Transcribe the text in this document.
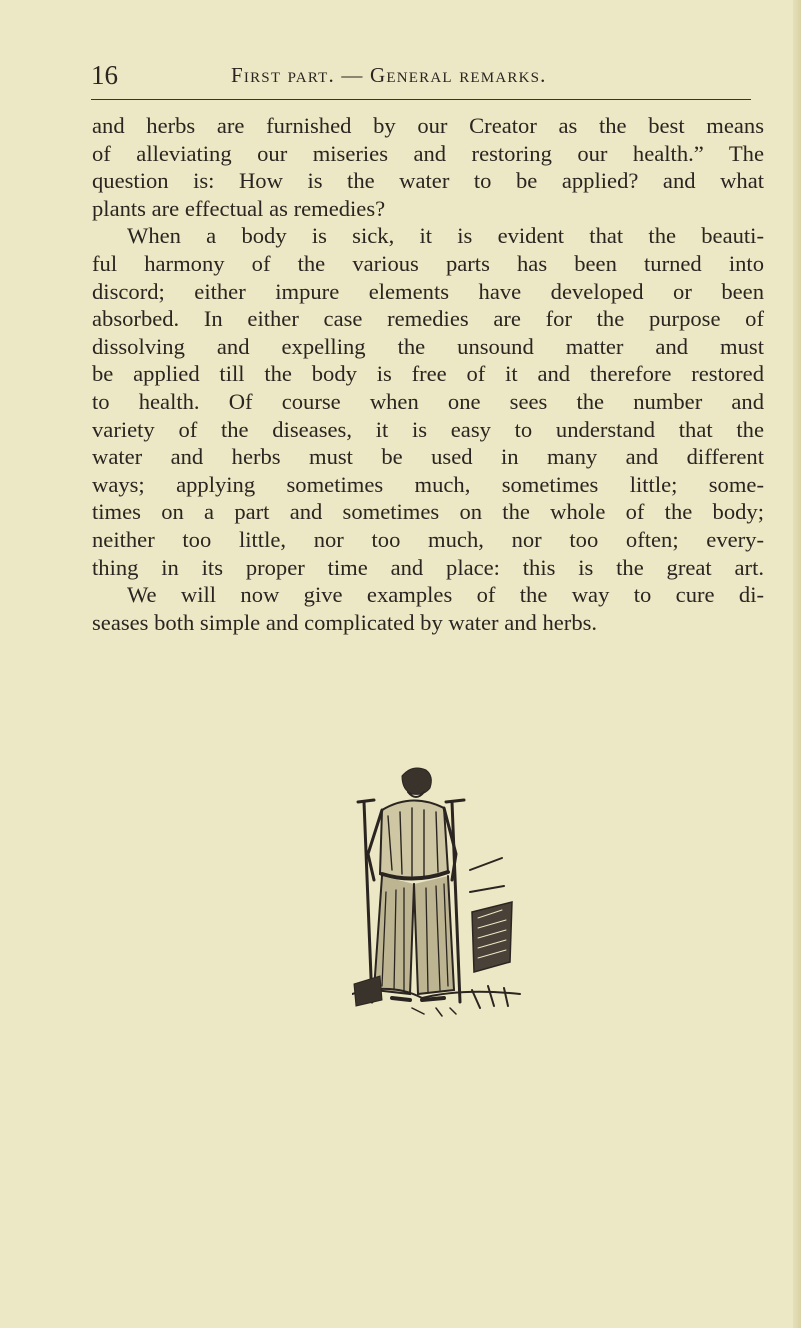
16	First part. — General remarks.
and herbs are furnished by our Creator as the best means
of alleviating our miseries and restoring our health.” The
question is: How is the water to be applied? and what
plants are effectual as remedies?
When a body is sick, it is evident that the beauti-
ful harmony of the various parts has been turned into
discord; either impure elements have developed or been
absorbed. In either case remedies are for the purpose of
dissolving and expelling the unsound matter and must
be applied till the body is free of it and therefore restored
to health. Of course when one sees the number and
variety of the diseases, it is easy to understand that the
water and herbs must be used in many and different
ways; applying sometimes much, sometimes little; some-
times on a part and sometimes on the whole of the body;
neither too little, nor too much, nor too often; every-
thing in its proper time and place: this is the great art.
We will now give examples of the way to cure di-
seases both simple and complicated by water and herbs.
